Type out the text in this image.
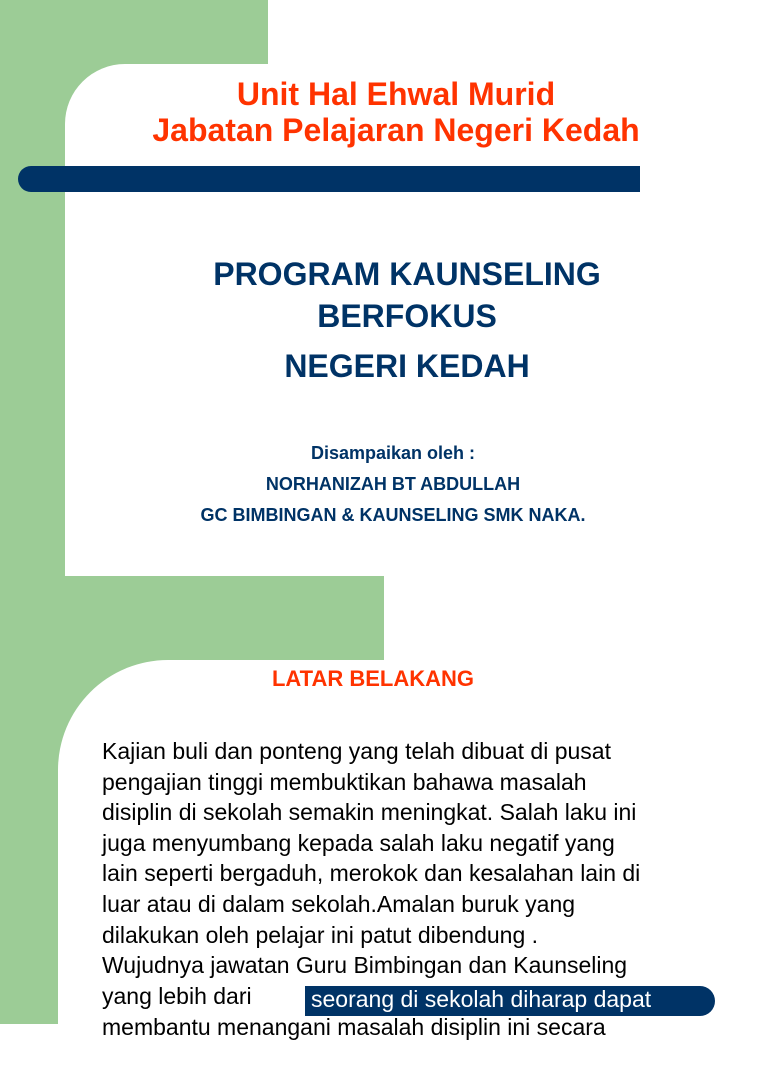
Unit Hal Ehwal Murid
Jabatan Pelajaran Negeri Kedah
PROGRAM KAUNSELING
BERFOKUS
NEGERI KEDAH
Disampaikan oleh :
NORHANIZAH BT ABDULLAH
GC BIMBINGAN & KAUNSELING SMK NAKA.
LATAR BELAKANG

Kajian buli dan ponteng yang telah dibuat di pusat

pengajian tinggi membuktikan bahawa masalah

disiplin di sekolah semakin meningkat. Salah laku ini

juga menyumbang kepada salah laku negatif yang

lain seperti bergaduh, merokok dan kesalahan lain di

luar atau di dalam sekolah.Amalan buruk yang

dilakukan oleh pelajar ini patut dibendung .

Wujudnya jawatan Guru Bimbingan dan Kaunseling

yang lebih dari	seorang di sekolah diharap dapat
membantu menangani masalah disiplin ini secara
